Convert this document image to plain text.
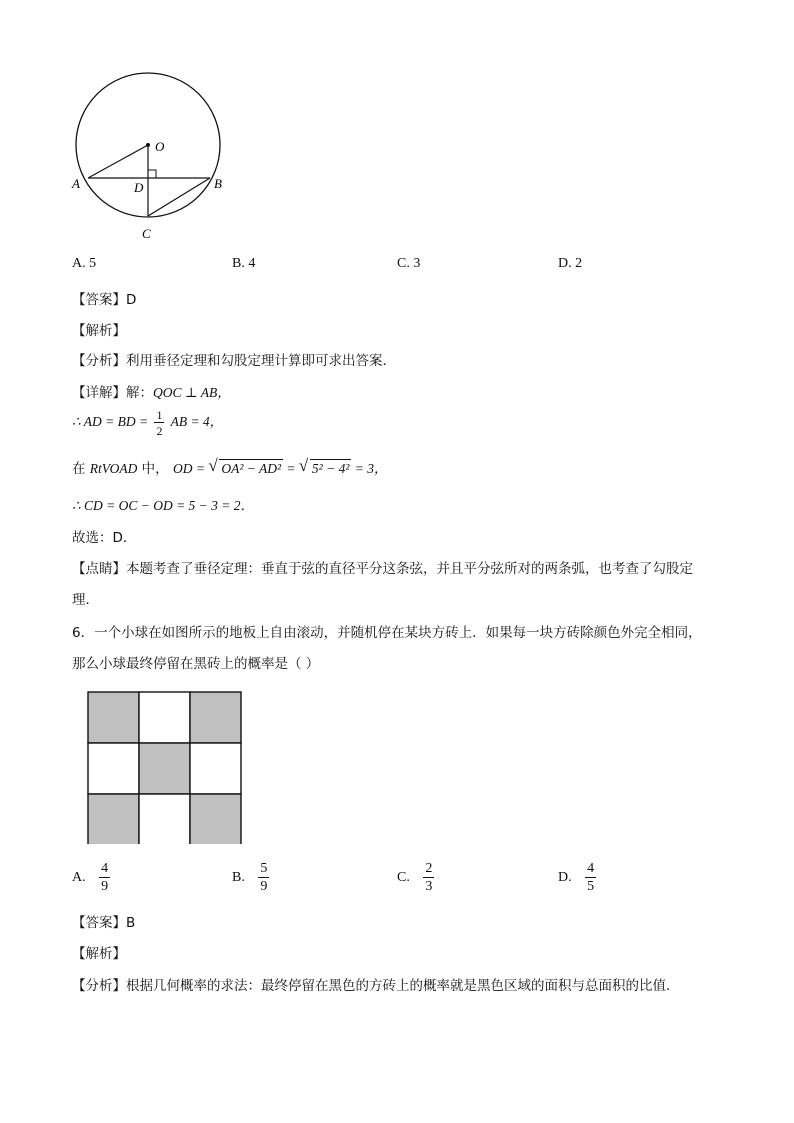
O
A	B
D
C
A. 5	B. 4	C. 3	D. 2
【答案】D
【解析】
【分析】利用垂径定理和勾股定理计算即可求出答案．
【详解】解：QOC ⊥ AB，
∴ AD = BD = $\frac{1}{2}$ AB = 4，
在 RtVOAD 中， OD = √ OA² − AD² = √ 5² − 4² = 3，
∴ CD = OC − OD = 5 − 3 = 2．
故选：D．
【点睛】本题考查了垂径定理：垂直于弦的直径平分这条弦，并且平分弦所对的两条弧，也考查了勾股定
理．
6．一个小球在如图所示的地板上自由滚动，并随机停在某块方砖上．如果每一块方砖除颜色外完全相同，
那么小球最终停留在黑砖上的概率是（ ）
A. $\frac{4}{9}$	B. $\frac{5}{9}$	C. $\frac{2}{3}$	D. $\frac{4}{5}$
【答案】B
【解析】
【分析】根据几何概率的求法：最终停留在黑色的方砖上的概率就是黑色区域的面积与总面积的比值．
